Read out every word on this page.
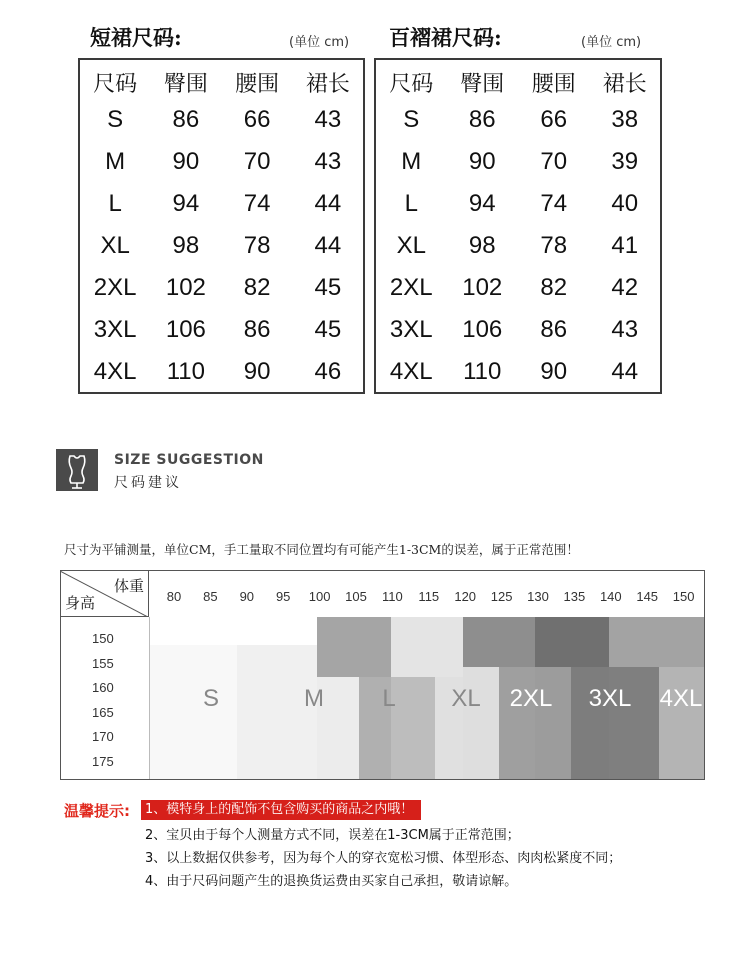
短裙尺码:	(单位 cm)
尺码	臀围	腰围	裙长
S	86	66	43
M	90	70	43
L	94	74	44
XL	98	78	44
2XL	102	82	45
3XL	106	86	45
4XL	110	90	46
百褶裙尺码:	(单位 cm)
尺码	臀围	腰围	裙长
S	86	66	38
M	90	70	39
L	94	74	40
XL	98	78	41
2XL	102	82	42
3XL	106	86	43
4XL	110	90	44
SIZE SUGGESTION
尺码建议
尺寸为平铺测量，单位CM，手工量取不同位置均有可能产生1-3CM的误差，属于正常范围！
体重
身高
S	M L XL 2XL 3XL 4XL
80 85 90 95 100 105 110 115 120 125 130 135 140 145 150
150
155
160
165
170
175
温馨提示:	1、模特身上的配饰不包含购买的商品之内哦！
2、宝贝由于每个人测量方式不同，误差在1-3CM属于正常范围；
3、以上数据仅供参考，因为每个人的穿衣宽松习惯、体型形态、肉肉松紧度不同；
4、由于尺码问题产生的退换货运费由买家自己承担，敬请谅解。
